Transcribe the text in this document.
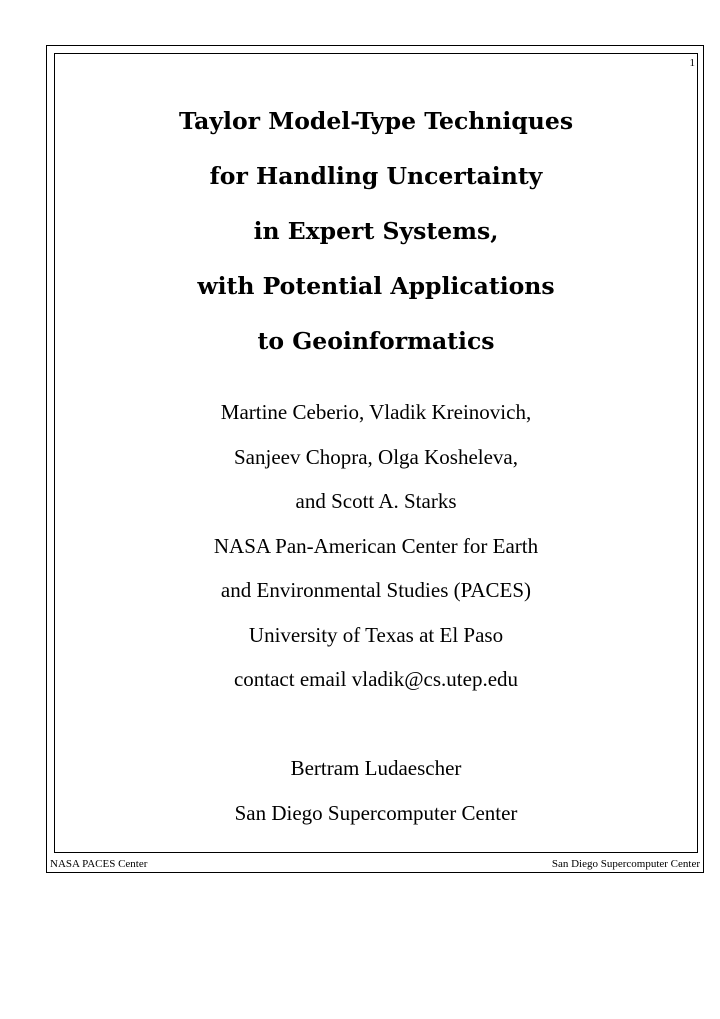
1
Taylor Model-Type Techniques
for Handling Uncertainty
in Expert Systems,
with Potential Applications
to Geoinformatics
Martine Ceberio, Vladik Kreinovich,
Sanjeev Chopra, Olga Kosheleva,
and Scott A. Starks
NASA Pan-American Center for Earth
and Environmental Studies (PACES)
University of Texas at El Paso
contact email vladik@cs.utep.edu
Bertram Ludaescher
San Diego Supercomputer Center
NASA PACES Center	San Diego Supercomputer Center
